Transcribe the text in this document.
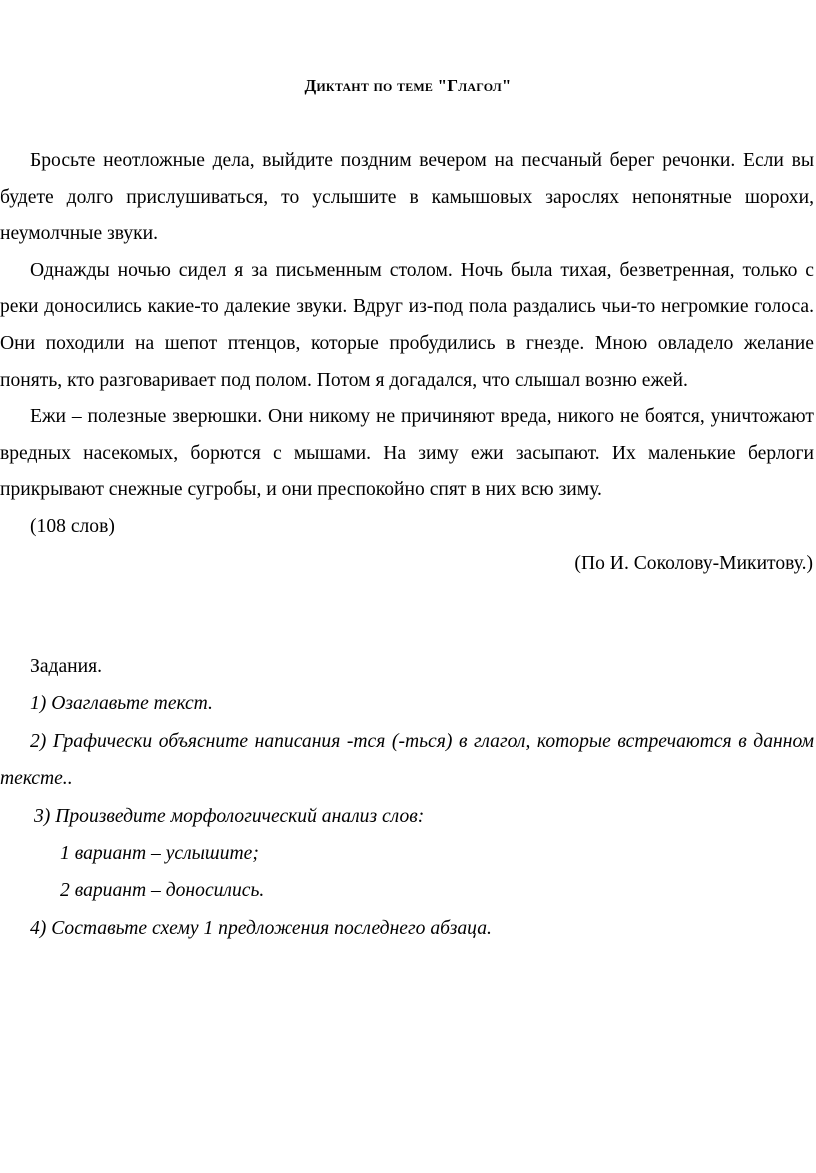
Диктант по теме "Глагол"

Бросьте неотложные дела, выйдите поздним вечером на песчаный берег речонки. Если вы будете долго прислушиваться, то услышите в камышовых зарослях непонятные шорохи, неумолчные звуки.

Однажды ночью сидел я за письменным столом. Ночь была тихая, безветренная, только с реки доносились какие-то далекие звуки. Вдруг из-под пола раздались чьи-то негромкие голоса. Они походили на шепот птенцов, которые пробудились в гнезде. Мною овладело желание понять, кто разговаривает под полом. Потом я догадался, что слышал возню ежей.

Ежи – полезные зверюшки. Они никому не причиняют вреда, никого не боятся, уничтожают вредных насекомых, борются с мышами. На зиму ежи засыпают. Их маленькие берлоги прикрывают снежные сугробы, и они преспокойно спят в них всю зиму.

(108 слов)

(По И. Соколову-Микитову.)

Задания.

1) Озаглавьте текст.

2) Графически объясните написания -тся (-ться) в глагол, которые встречаются в данном тексте..

3) Произведите морфологический анализ слов:

1 вариант – услышите;

2 вариант – доносились.

4) Составьте схему 1 предложения последнего абзаца.
